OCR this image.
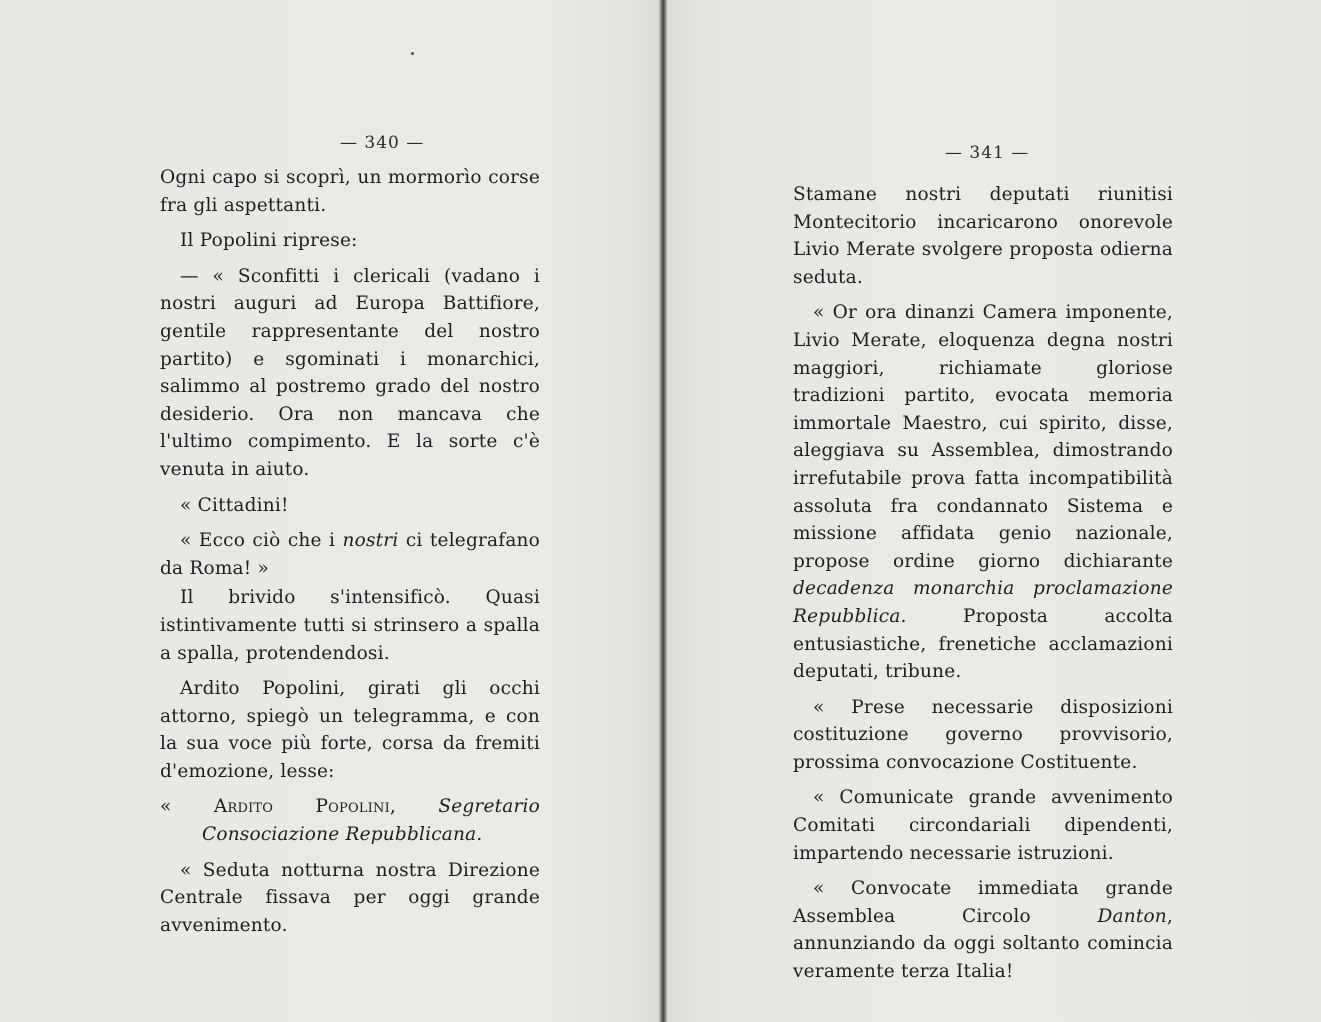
— 340 —

Ogni capo si scoprì, un mormorìo corse fra gli aspettanti.

Il Popolini riprese:

— « Sconfitti i clericali (vadano i nostri auguri ad Europa Battifiore, gentile rappresentante del nostro partito) e sgominati i monarchici, salimmo al postremo grado del nostro desiderio. Ora non mancava che l'ultimo compimento. E la sorte c'è venuta in aiuto.

« Cittadini!

« Ecco ciò che i nostri ci telegrafano da Roma! »

Il brivido s'intensificò. Quasi istintivamente tutti si strinsero a spalla a spalla, protendendosi.

Ardito Popolini, girati gli occhi attorno, spiegò un telegramma, e con la sua voce più forte, corsa da fremiti d'emozione, lesse:

« Ardito Popolini, Segretario Consociazione Repubblicana.

« Seduta notturna nostra Direzione Centrale fissava per oggi grande avvenimento.

— 341 —

Stamane nostri deputati riunitisi Montecitorio incaricarono onorevole Livio Merate svolgere proposta odierna seduta.

« Or ora dinanzi Camera imponente, Livio Merate, eloquenza degna nostri maggiori, richiamate gloriose tradizioni partito, evocata memoria immortale Maestro, cui spirito, disse, aleggiava su Assemblea, dimostrando irrefutabile prova fatta incompatibilità assoluta fra condannato Sistema e missione affidata genio nazionale, propose ordine giorno dichiarante decadenza monarchia proclamazione Repubblica. Proposta accolta entusiastiche, frenetiche acclamazioni deputati, tribune.

« Prese necessarie disposizioni costituzione governo provvisorio, prossima convocazione Costituente.

« Comunicate grande avvenimento Comitati circondariali dipendenti, impartendo necessarie istruzioni.

« Convocate immediata grande Assemblea Circolo Danton, annunziando da oggi soltanto comincia veramente terza Italia!
